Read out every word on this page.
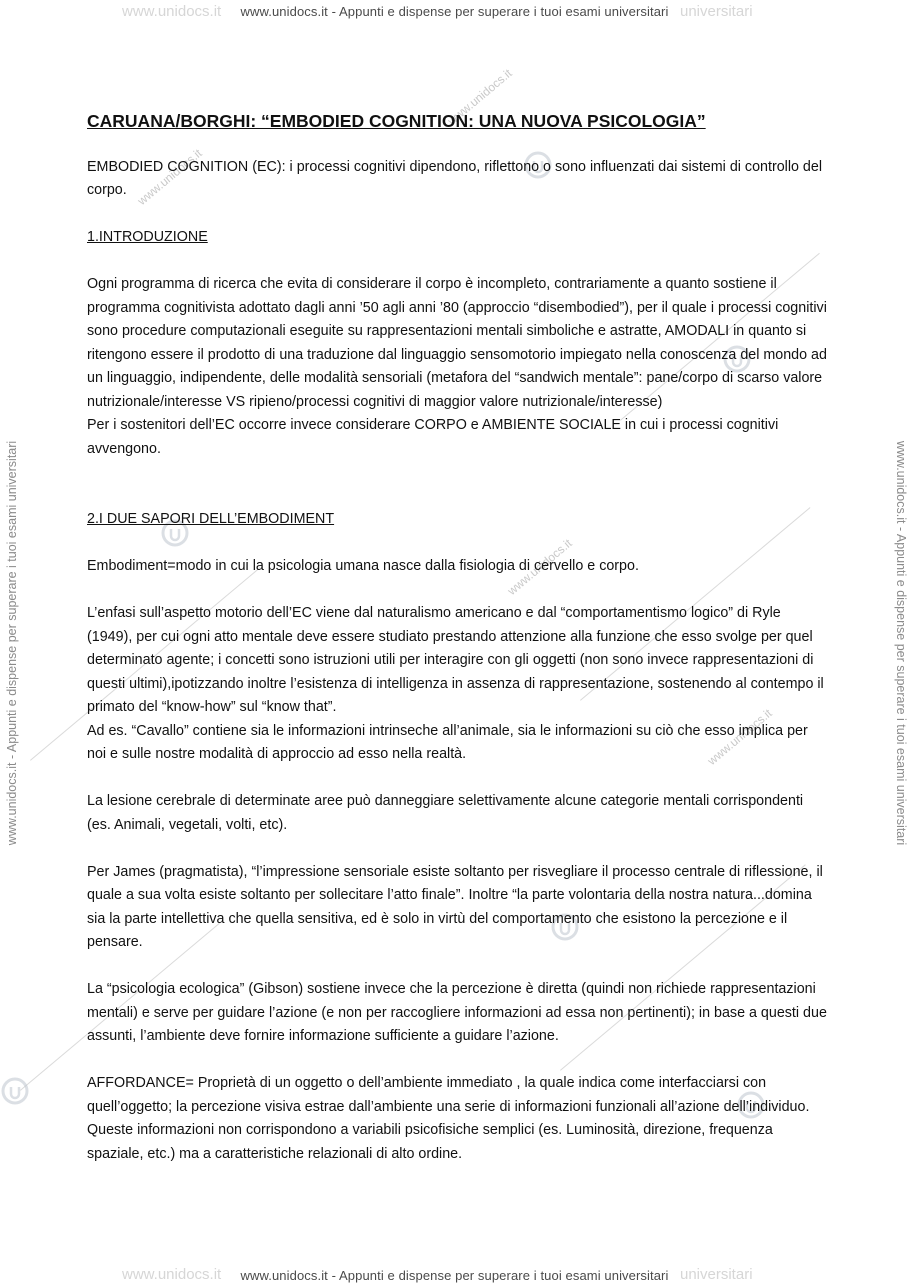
www.unidocs.it	universitari
www.unidocs.it	universitari
www.unidocs.it
www.unidocs.it
www.unidocs.it
www.unidocs.it
www.unidocs.it - Appunti e dispense per superare i tuoi esami universitari
www.unidocs.it - Appunti e dispense per superare i tuoi esami universitari
www.unidocs.it - Appunti e dispense per superare i tuoi esami universitari	www.unidocs.it - Appunti e dispense per superare i tuoi esami universitari

CARUANA/BORGHI: “EMBODIED COGNITION: UNA NUOVA PSICOLOGIA”

EMBODIED COGNITION (EC): i processi cognitivi dipendono, riflettono o sono influenzati dai sistemi di controllo del corpo.

1.INTRODUZIONE

Ogni programma di ricerca che evita di considerare il corpo è incompleto, contrariamente a quanto sostiene il programma cognitivista adottato dagli anni ’50 agli anni ’80 (approccio “disembodied”), per il quale i processi cognitivi sono procedure computazionali eseguite su rappresentazioni mentali simboliche e astratte, AMODALI in quanto si ritengono essere il prodotto di una traduzione dal linguaggio sensomotorio impiegato nella conoscenza del mondo ad un linguaggio, indipendente, delle modalità sensoriali (metafora del “sandwich mentale”: pane/corpo di scarso valore nutrizionale/interesse VS ripieno/processi cognitivi di maggior valore nutrizionale/interesse)

Per i sostenitori dell’EC occorre invece considerare CORPO e AMBIENTE SOCIALE in cui i processi cognitivi avvengono.

2.I DUE SAPORI DELL’EMBODIMENT

Embodiment=modo in cui la psicologia umana nasce dalla fisiologia di cervello e corpo.

L’enfasi sull’aspetto motorio dell’EC viene dal naturalismo americano e dal “comportamentismo logico” di Ryle (1949), per cui ogni atto mentale deve essere studiato prestando attenzione alla funzione che esso svolge per quel determinato agente; i concetti sono istruzioni utili per interagire con gli oggetti (non sono invece rappresentazioni di questi ultimi),ipotizzando inoltre l’esistenza di intelligenza in assenza di rappresentazione, sostenendo al contempo il primato del “know-how” sul “know that”.

Ad es. “Cavallo” contiene sia le informazioni intrinseche all’animale, sia le informazioni su ciò che esso implica per noi e sulle nostre modalità di approccio ad esso nella realtà.

La lesione cerebrale di determinate aree può danneggiare selettivamente alcune categorie mentali corrispondenti (es. Animali, vegetali, volti, etc).

Per James (pragmatista), “l’impressione sensoriale esiste soltanto per risvegliare il processo centrale di riflessione, il quale a sua volta esiste soltanto per sollecitare l’atto finale”. Inoltre “la parte volontaria della nostra natura...domina sia la parte intellettiva che quella sensitiva, ed è solo in virtù del comportamento che esistono la percezione e il pensare.

La “psicologia ecologica” (Gibson) sostiene invece che la percezione è diretta (quindi non richiede rappresentazioni mentali) e serve per guidare l’azione (e non per raccogliere informazioni ad essa non pertinenti); in base a questi due assunti, l’ambiente deve fornire informazione sufficiente a guidare l’azione.

AFFORDANCE= Proprietà di un oggetto o dell’ambiente immediato , la quale indica come interfacciarsi con quell’oggetto; la percezione visiva estrae dall’ambiente una serie di informazioni funzionali all’azione dell’individuo. Queste informazioni non corrispondono a variabili psicofisiche semplici (es. Luminosità, direzione, frequenza spaziale, etc.) ma a caratteristiche relazionali di alto ordine.
